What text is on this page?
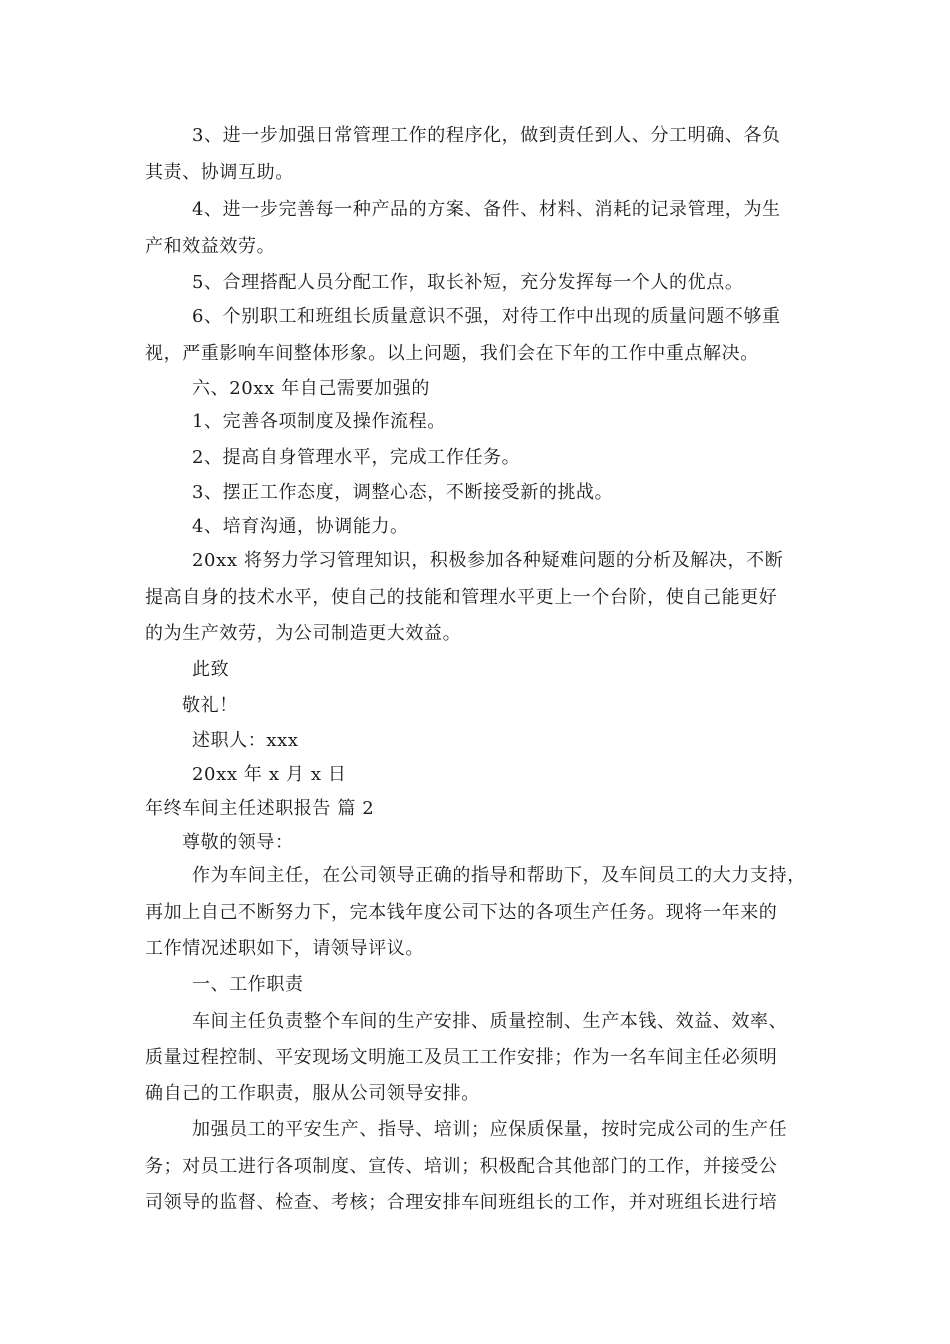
3、进一步加强日常管理工作的程序化，做到责任到人、分工明确、各负
其责、协调互助。
4、进一步完善每一种产品的方案、备件、材料、消耗的记录管理，为生
产和效益效劳。
5、合理搭配人员分配工作，取长补短，充分发挥每一个人的优点。
6、个别职工和班组长质量意识不强，对待工作中出现的质量问题不够重
视，严重影响车间整体形象。以上问题，我们会在下年的工作中重点解决。
六、20xx 年自己需要加强的
1、完善各项制度及操作流程。
2、提高自身管理水平，完成工作任务。
3、摆正工作态度，调整心态，不断接受新的挑战。
4、培育沟通，协调能力。
20xx 将努力学习管理知识，积极参加各种疑难问题的分析及解决，不断
提高自身的技术水平，使自己的技能和管理水平更上一个台阶，使自己能更好
的为生产效劳，为公司制造更大效益。
此致
敬礼！
述职人：xxx
20xx 年 x 月 x 日
年终车间主任述职报告 篇 2
尊敬的领导：
作为车间主任，在公司领导正确的指导和帮助下，及车间员工的大力支持，
再加上自己不断努力下，完本钱年度公司下达的各项生产任务。现将一年来的
工作情况述职如下，请领导评议。
一、工作职责
车间主任负责整个车间的生产安排、质量控制、生产本钱、效益、效率、
质量过程控制、平安现场文明施工及员工工作安排；作为一名车间主任必须明
确自己的工作职责，服从公司领导安排。
加强员工的平安生产、指导、培训；应保质保量，按时完成公司的生产任
务；对员工进行各项制度、宣传、培训；积极配合其他部门的工作，并接受公
司领导的监督、检查、考核；合理安排车间班组长的工作，并对班组长进行培
